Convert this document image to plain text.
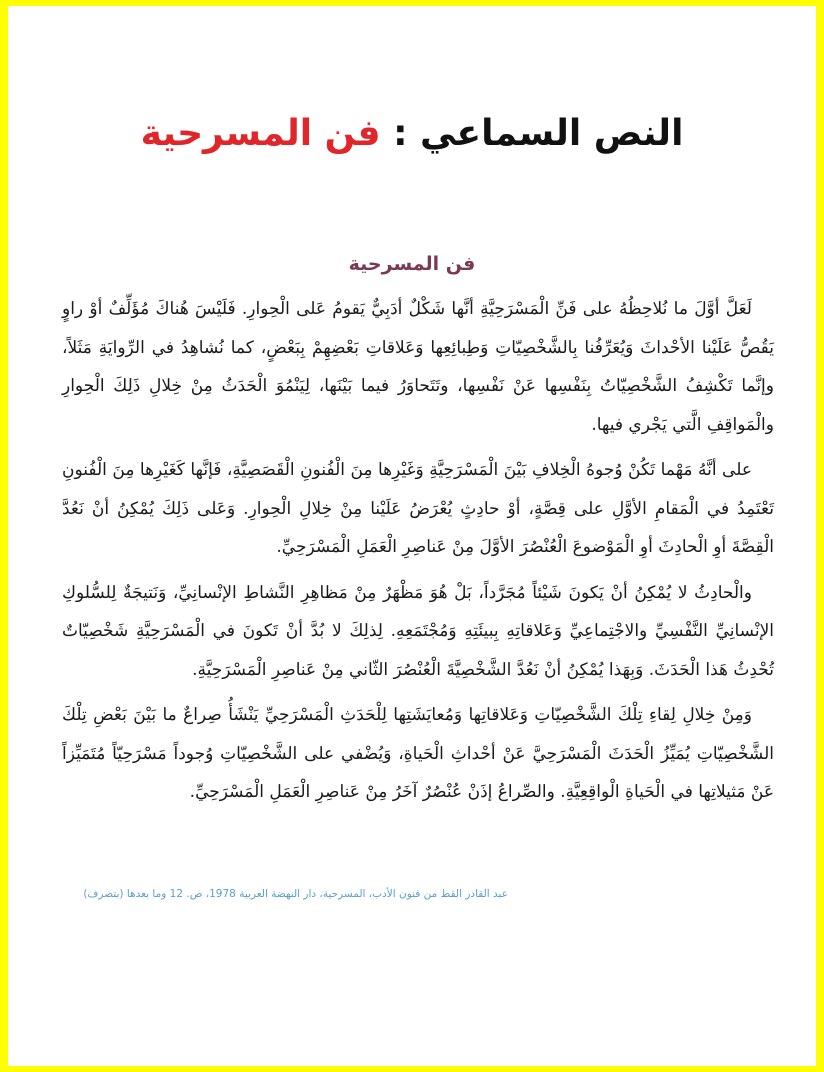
النص السماعي : فن المسرحية
فن المسرحية

لَعَلَّ أوَّلَ ما نُلاحِظُهُ على فَنِّ الْمَسْرَحِيَّةِ أنَّها شَكْلٌ أدَبِيٌّ يَقومُ عَلى الْحِوارِ. فَلَيْسَ هُناكَ مُؤَلِّفٌ أوْ راوٍ يَقُصُّ عَلَيْنا الأحْداثَ وَيُعَرِّفُنا بِالشَّخْصِيّاتِ وَطِبائِعِها وَعَلاقاتِ بَعْضِهِمْ بِبَعْضٍ، كما نُشاهِدُ في الرِّوايَةِ مَثَلاً، وإنَّما تَكْشِفُ الشَّخْصِيّاتُ بِنَفْسِها عَنْ نَفْسِها، وتَتَحاوَرُ فيما بَيْنَها، لِيَنْمُوَ الْحَدَثُ مِنْ خِلالِ ذَلِكَ الْحِوارِ والْمَواقِفِ الَّتي يَجْري فيها.

على أنَّهُ مَهْما تَكُنْ وُجوهُ الْخِلافِ بَيْنَ الْمَسْرَحِيَّةِ وَغَيْرِها مِنَ الْفُنونِ الْقَصَصِيَّةِ، فَإنَّها كَغَيْرِها مِنَ الْفُنونِ تَعْتَمِدُ في الْمَقامِ الأوَّلِ على قِصَّةٍ، أوْ حادِثٍ يُعْرَضُ عَلَيْنا مِنْ خِلالِ الْحِوارِ. وَعَلى ذَلِكَ يُمْكِنُ أنْ نَعُدَّ الْقِصَّةَ أوِ الْحادِثَ أوِ الْمَوْضوعَ الْعُنْصُرَ الأوَّلَ مِنْ عَناصِرِ الْعَمَلِ الْمَسْرَحِيِّ.

والْحادِثُ لا يُمْكِنُ أنْ يَكونَ شَيْئاً مُجَرَّداً، بَلْ هُوَ مَظْهَرٌ مِنْ مَظاهِرِ النَّشاطِ الإنْسانِيِّ، وَنَتيجَةٌ لِلسُّلوكِ الإنْسانِيِّ النَّفْسِيِّ والاجْتِماعِيِّ وَعَلاقاتِهِ بِبيئَتِهِ وَمُجْتَمَعِهِ. لِذلِكَ لا بُدَّ أنْ تَكونَ في الْمَسْرَحِيَّةِ شَخْصِيّاتٌ تُحْدِثُ هَذا الْحَدَثَ. وَبِهَذا يُمْكِنُ أنْ نَعُدَّ الشَّخْصِيَّةَ الْعُنْصُرَ الثّاني مِنْ عَناصِرِ الْمَسْرَحِيَّةِ.

وَمِنْ خِلالِ لِقاءِ تِلْكَ الشَّخْصِيّاتِ وَعَلاقاتِها وَمُعايَشَتِها لِلْحَدَثِ الْمَسْرَحِيِّ يَنْشَأُ صِراعٌ ما بَيْنَ بَعْضِ تِلْكَ الشَّخْصِيّاتِ يُمَيِّزُ الْحَدَثَ الْمَسْرَحِيَّ عَنْ أحْداثِ الْحَياةِ، وَيُضْفي على الشَّخْصِيّاتِ وُجوداً مَسْرَحِيّاً مُتَمَيِّزاً عَنْ مَثيلاتِها في الْحَياةِ الْواقِعِيَّةِ. والصِّراعُ إذَنْ عُنْصُرٌ آخَرُ مِنْ عَناصِرِ الْعَمَلِ الْمَسْرَحِيِّ.

عبد القادر القط من فنون الأدب، المسرحية، دار النهضة العربية 1978، ص. 12 وما بعدها (بتصرف)
